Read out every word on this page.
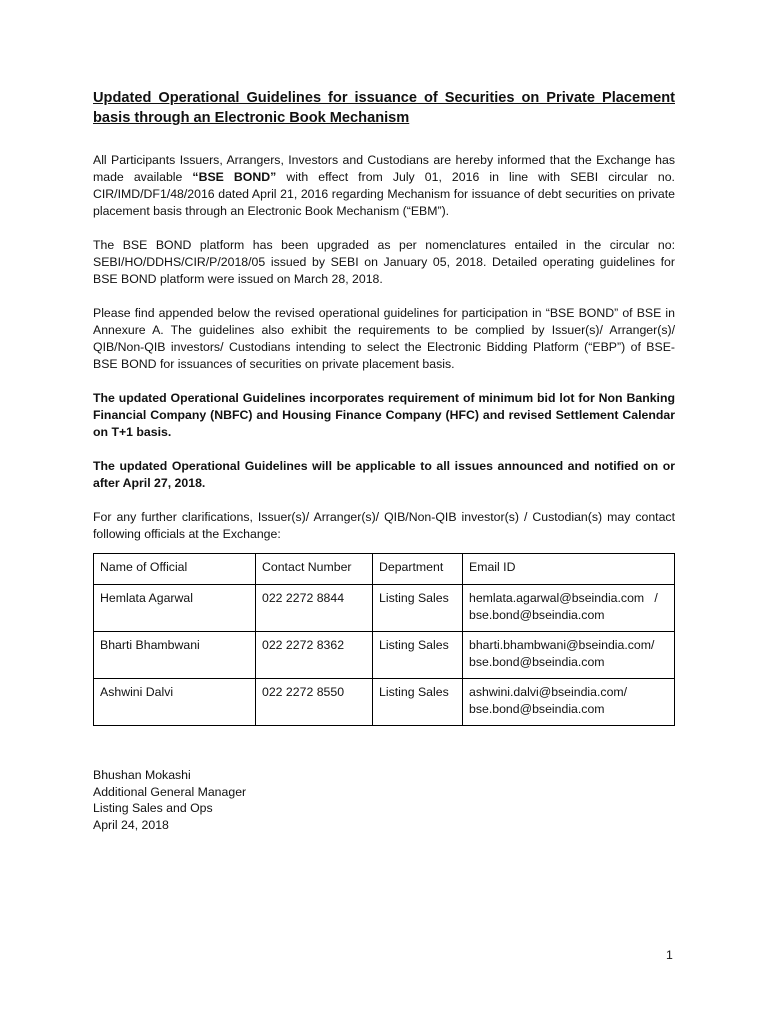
Updated Operational Guidelines for issuance of Securities on Private Placement basis through an Electronic Book Mechanism

All Participants Issuers, Arrangers, Investors and Custodians are hereby informed that the Exchange has made available “BSE BOND” with effect from July 01, 2016 in line with SEBI circular no. CIR/IMD/DF1/48/2016 dated April 21, 2016 regarding Mechanism for issuance of debt securities on private placement basis through an Electronic Book Mechanism (“EBM”).

The BSE BOND platform has been upgraded as per nomenclatures entailed in the circular no: SEBI/HO/DDHS/CIR/P/2018/05 issued by SEBI on January 05, 2018. Detailed operating guidelines for BSE BOND platform were issued on March 28, 2018.

Please find appended below the revised operational guidelines for participation in “BSE BOND” of BSE in Annexure A. The guidelines also exhibit the requirements to be complied by Issuer(s)/ Arranger(s)/ QIB/Non-QIB investors/ Custodians intending to select the Electronic Bidding Platform (“EBP”) of BSE-BSE BOND for issuances of securities on private placement basis.

The updated Operational Guidelines incorporates requirement of minimum bid lot for Non Banking Financial Company (NBFC) and Housing Finance Company (HFC) and revised Settlement Calendar on T+1 basis.

The updated Operational Guidelines will be applicable to all issues announced and notified on or after April 27, 2018.

For any further clarifications, Issuer(s)/ Arranger(s)/ QIB/Non-QIB investor(s) / Custodian(s) may contact following officials at the Exchange:

Name of Official	Contact Number	Department	Email ID
Hemlata Agarwal	022 2272 8844	Listing Sales	hemlata.agarwal@bseindia.com   /
bse.bond@bseindia.com

Bharti Bhambwani	022 2272 8362	Listing Sales	bharti.bhambwani@bseindia.com/
bse.bond@bseindia.com

Ashwini Dalvi	022 2272 8550	Listing Sales	ashwini.dalvi@bseindia.com/
bse.bond@bseindia.com
Bhushan Mokashi
Additional General Manager
Listing Sales and Ops
April 24, 2018
1
